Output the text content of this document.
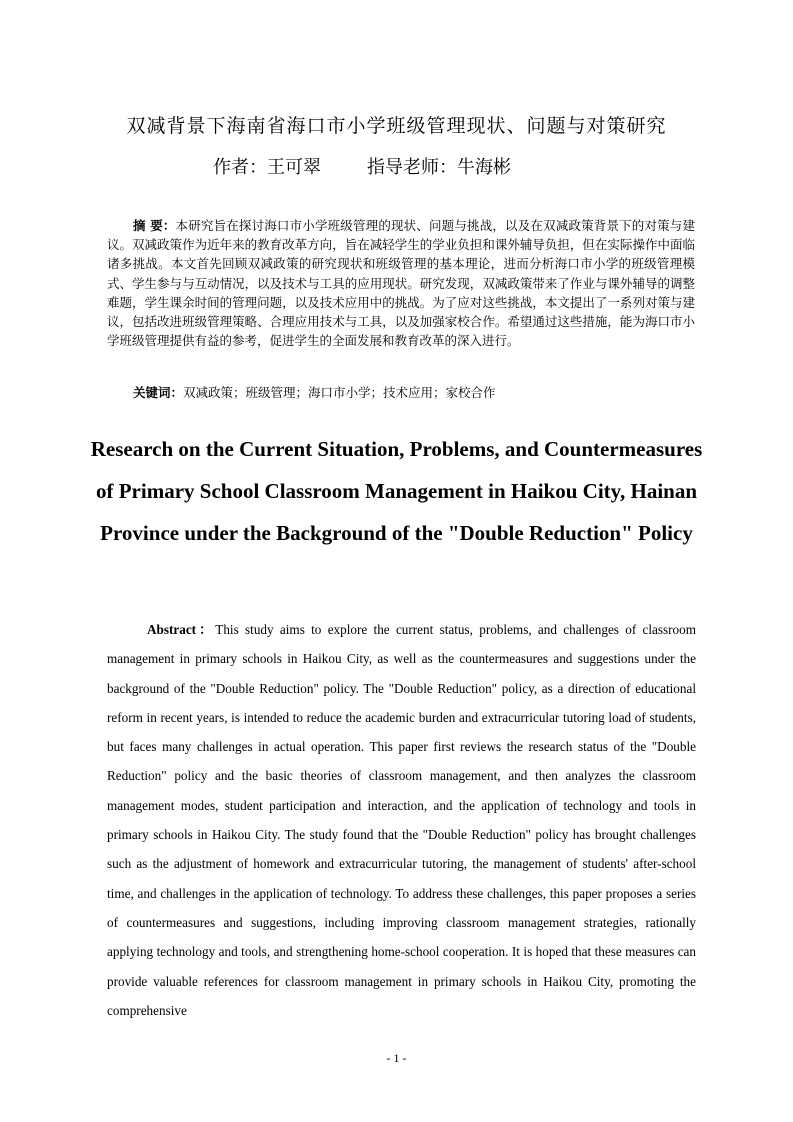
双减背景下海南省海口市小学班级管理现状、问题与对策研究
作者：王可翠	指导老师：牛海彬
摘 要：本研究旨在探讨海口市小学班级管理的现状、问题与挑战，以及在双减政策背景下的对策与建议。双减政策作为近年来的教育改革方向，旨在减轻学生的学业负担和课外辅导负担，但在实际操作中面临诸多挑战。本文首先回顾双减政策的研究现状和班级管理的基本理论，进而分析海口市小学的班级管理模式、学生参与与互动情况，以及技术与工具的应用现状。研究发现，双减政策带来了作业与课外辅导的调整难题，学生课余时间的管理问题，以及技术应用中的挑战。为了应对这些挑战，本文提出了一系列对策与建议，包括改进班级管理策略、合理应用技术与工具，以及加强家校合作。希望通过这些措施，能为海口市小学班级管理提供有益的参考，促进学生的全面发展和教育改革的深入进行。
关键词：双减政策；班级管理；海口市小学；技术应用；家校合作
Research on the Current Situation, Problems, and Countermeasures of Primary School Classroom Management in Haikou City, Hainan Province under the Background of the "Double Reduction" Policy
Abstract：This study aims to explore the current status, problems, and challenges of classroom management in primary schools in Haikou City, as well as the countermeasures and suggestions under the background of the "Double Reduction" policy. The "Double Reduction" policy, as a direction of educational reform in recent years, is intended to reduce the academic burden and extracurricular tutoring load of students, but faces many challenges in actual operation. This paper first reviews the research status of the "Double Reduction" policy and the basic theories of classroom management, and then analyzes the classroom management modes, student participation and interaction, and the application of technology and tools in primary schools in Haikou City. The study found that the "Double Reduction" policy has brought challenges such as the adjustment of homework and extracurricular tutoring, the management of students' after-school time, and challenges in the application of technology. To address these challenges, this paper proposes a series of countermeasures and suggestions, including improving classroom management strategies, rationally applying technology and tools, and strengthening home-school cooperation. It is hoped that these measures can provide valuable references for classroom management in primary schools in Haikou City, promoting the comprehensive
- 1 -
